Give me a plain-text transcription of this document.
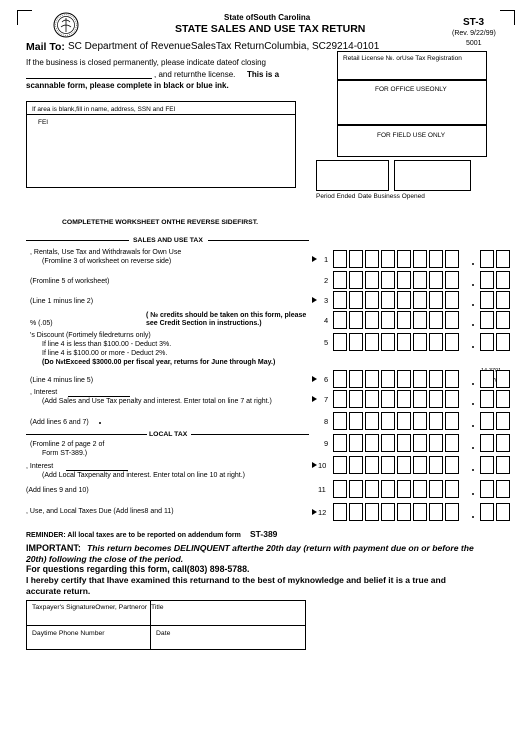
State ofSouth Carolina
STATE SALES AND USE TAX RETURN
ST-3
(Rev. 9/22/99)
5001
Mail To: SC Department of RevenueSalesTax ReturnColumbia, SC29214-0101
If the business is closed permanently, please indicate dateof closing
, and returnthe license. This is a
scannable form, please complete in black or blue ink.
If area is blank,fill in name, address, SSN and FEI
FEI
Retail License №. orUse Tax Registration
FOR OFFICE USEONLY
FOR FIELD USE ONLY
Period Ended Date Business Opened
COMPLETETHE WORKSHEET ONTHE REVERSE SIDEFIRST.
SALES AND USE TAX
, Rentals, Use Tax and Withdrawals for Own Use
(Fromline 3 of worksheet on reverse side)
(Fromline 5 of worksheet)
(Line 1 minus line 2)
( № credits should be taken on this form, please
see Credit Section in instructions.)
% (.05)
's Discount (Fortimely filedreturns only)
If line 4 is less than $100.00 - Deduct 3%.
If line 4 is $100.00 or more - Deduct 2%.
(Do №tExceed $3000.00 per fiscal year, returns for June through May.)
(Line 4 minus line 5)
, Interest
(Add Sales and Use Tax penalty and interest. Enter total on line 7 at right.)
(Add lines 6 and 7)
LOCAL TAX
(Fromline 2 of page 2 of
Form ST-389.)
, Interest
(Add Local Taxpenalty and interest. Enter total on line 10 at right.)
(Add lines 9 and 10)
, Use, and Local Taxes Due (Add lines8 and 11)
1
2
3
4
5
6
7
8
9
10
11
12
REMINDER: All local taxes are to be reported on addendum form ST-389
IMPORTANT: This return becomes DELINQUENT afterthe 20th day (return with payment due on or before the
20th) following the close of the period.
For questions regarding this form, call(803) 898-5788.
I hereby certify that Ihave examined this returnand to the best of myknowledge and belief it is a true and
accurate return.
Taxpayer's SignatureOwner, Partneror Title
Daytime Phone Number	Date
